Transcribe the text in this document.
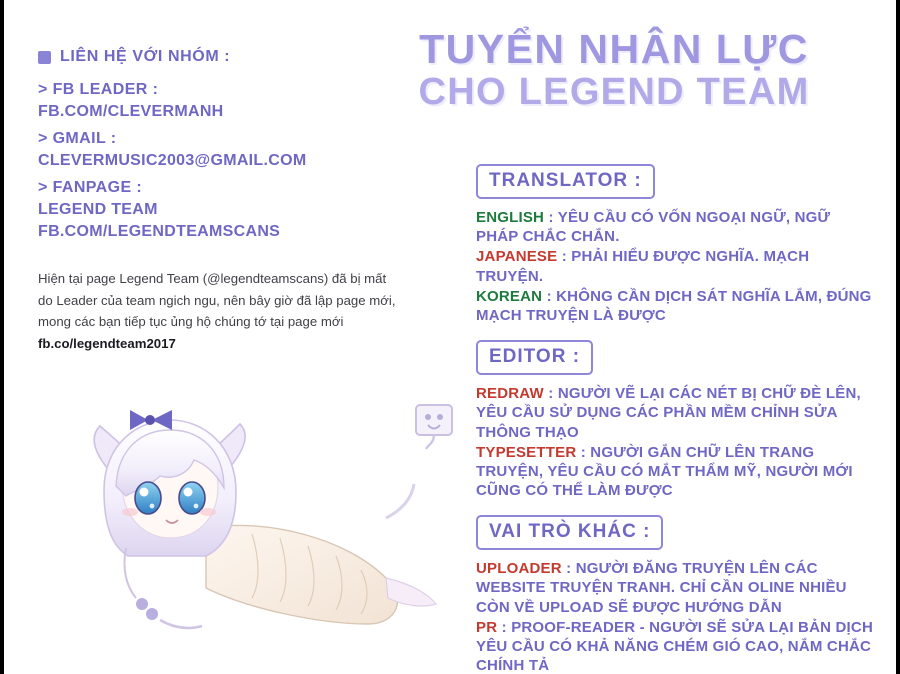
LIÊN HỆ VỚI NHÓM :
> FB LEADER :
FB.COM/CLEVERMANH
> GMAIL :
CLEVERMUSIC2003@GMAIL.COM
> FANPAGE :
LEGEND TEAM
FB.COM/LEGENDTEAMSCANS
Hiện tại page Legend Team (@legendteamscans) đã bị mất do Leader của team ngich ngu, nên bây giờ đã lập page mới, mong các bạn tiếp tục ủng hộ chúng tớ tại page mới fb.co/legendteam2017
TUYỂN NHÂN LỰC
CHO LEGEND TEAM
TRANSLATOR :
ENGLISH : YÊU CẦU CÓ VỐN NGOẠI NGỮ, NGỮ PHÁP CHẮC CHẮN.
JAPANESE : PHẢI HIỂU ĐƯỢC NGHĨA. MẠCH TRUYỆN.
KOREAN : KHÔNG CẦN DỊCH SÁT NGHĨA LẮM, ĐÚNG MẠCH TRUYỆN LÀ ĐƯỢC
EDITOR :
REDRAW : NGƯỜI VẼ LẠI CÁC NÉT BỊ CHỮ ĐÈ LÊN, YÊU CẦU SỬ DỤNG CÁC PHẦN MỀM CHỈNH SỬA THÔNG THẠO
TYPESETTER : NGƯỜI GẮN CHỮ LÊN TRANG TRUYỆN, YÊU CẦU CÓ MẮT THẨM MỸ, NGƯỜI MỚI CŨNG CÓ THỂ LÀM ĐƯỢC
VAI TRÒ KHÁC :
UPLOADER : NGƯỜI ĐĂNG TRUYỆN LÊN CÁC WEBSITE TRUYỆN TRANH. CHỈ CẦN OLINE NHIỀU CÒN VỀ UPLOAD SẼ ĐƯỢC HƯỚNG DẪN
PR : PROOF-READER - NGƯỜI SẼ SỬA LẠI BẢN DỊCH YÊU CẦU CÓ KHẢ NĂNG CHÉM GIÓ CAO, NẮM CHẮC CHÍNH TẢ
